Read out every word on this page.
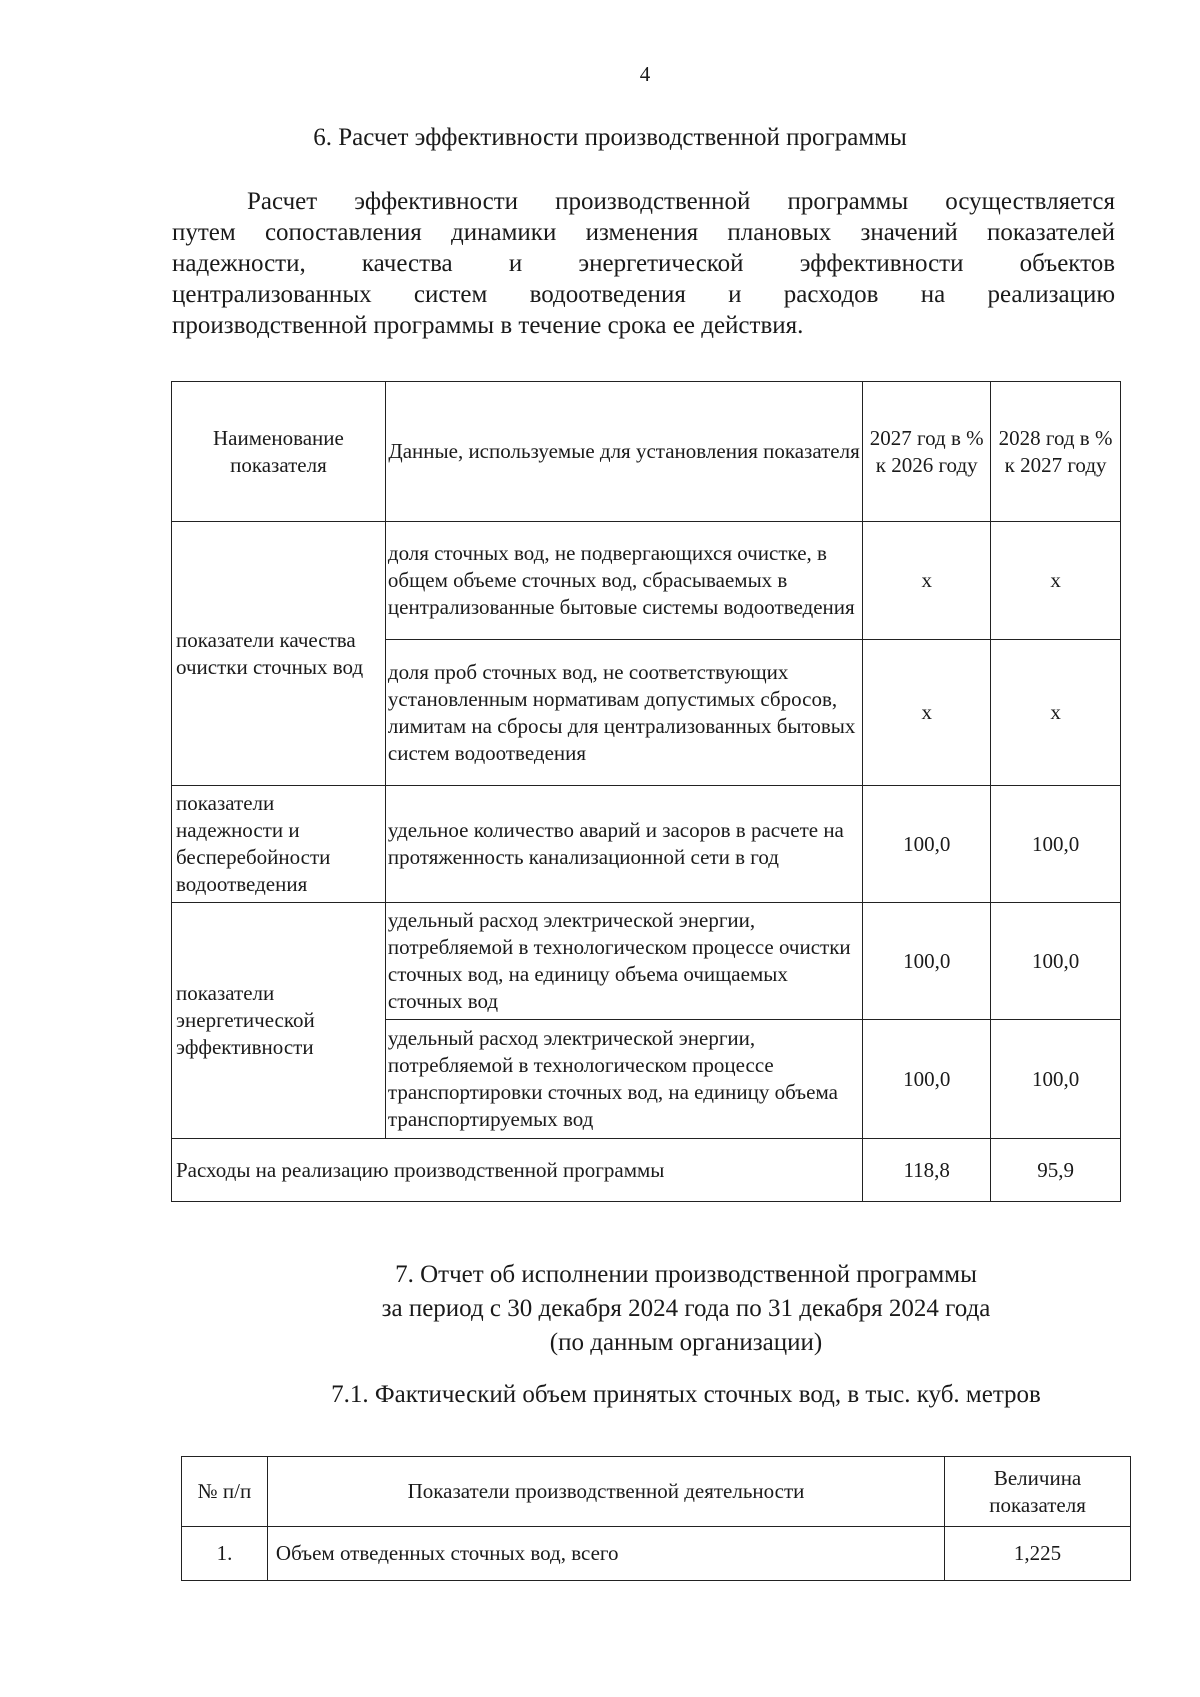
4
6. Расчет эффективности производственной программы
Расчет эффективности производственной программы осуществляется
путем сопоставления динамики изменения плановых значений показателей
надежности, качества и энергетической эффективности объектов
централизованных систем водоотведения и расходов на реализацию
производственной программы в течение срока ее действия.
Наименование показателя	Данные, используемые для установления показателя	2027 год в % к 2026 году	2028 год в % к 2027 году
показатели качества очистки сточных вод	доля сточных вод, не подвергающихся очистке, в общем объеме сточных вод, сбрасываемых в централизованные бытовые системы водоотведения	х	х
	доля проб сточных вод, не соответствующих установленным нормативам допустимых сбросов, лимитам на сбросы для централизованных бытовых систем водоотведения	х	х
показатели надежности и бесперебойности водоотведения	удельное количество аварий и засоров в расчете на протяженность канализационной сети в год	100,0	100,0
показатели энергетической эффективности	удельный расход электрической энергии, потребляемой в технологическом процессе очистки сточных вод, на единицу объема очищаемых сточных вод	100,0	100,0
	удельный расход электрической энергии, потребляемой в технологическом процессе транспортировки сточных вод, на единицу объема транспортируемых вод	100,0	100,0
Расходы на реализацию производственной программы		118,8	95,9
7. Отчет об исполнении производственной программы
за период с 30 декабря 2024 года по 31 декабря 2024 года
(по данным организации)
7.1. Фактический объем принятых сточных вод, в тыс. куб. метров
№ п/п	Показатели производственной деятельности	Величина показателя
1.	Объем отведенных сточных вод, всего	1,225
